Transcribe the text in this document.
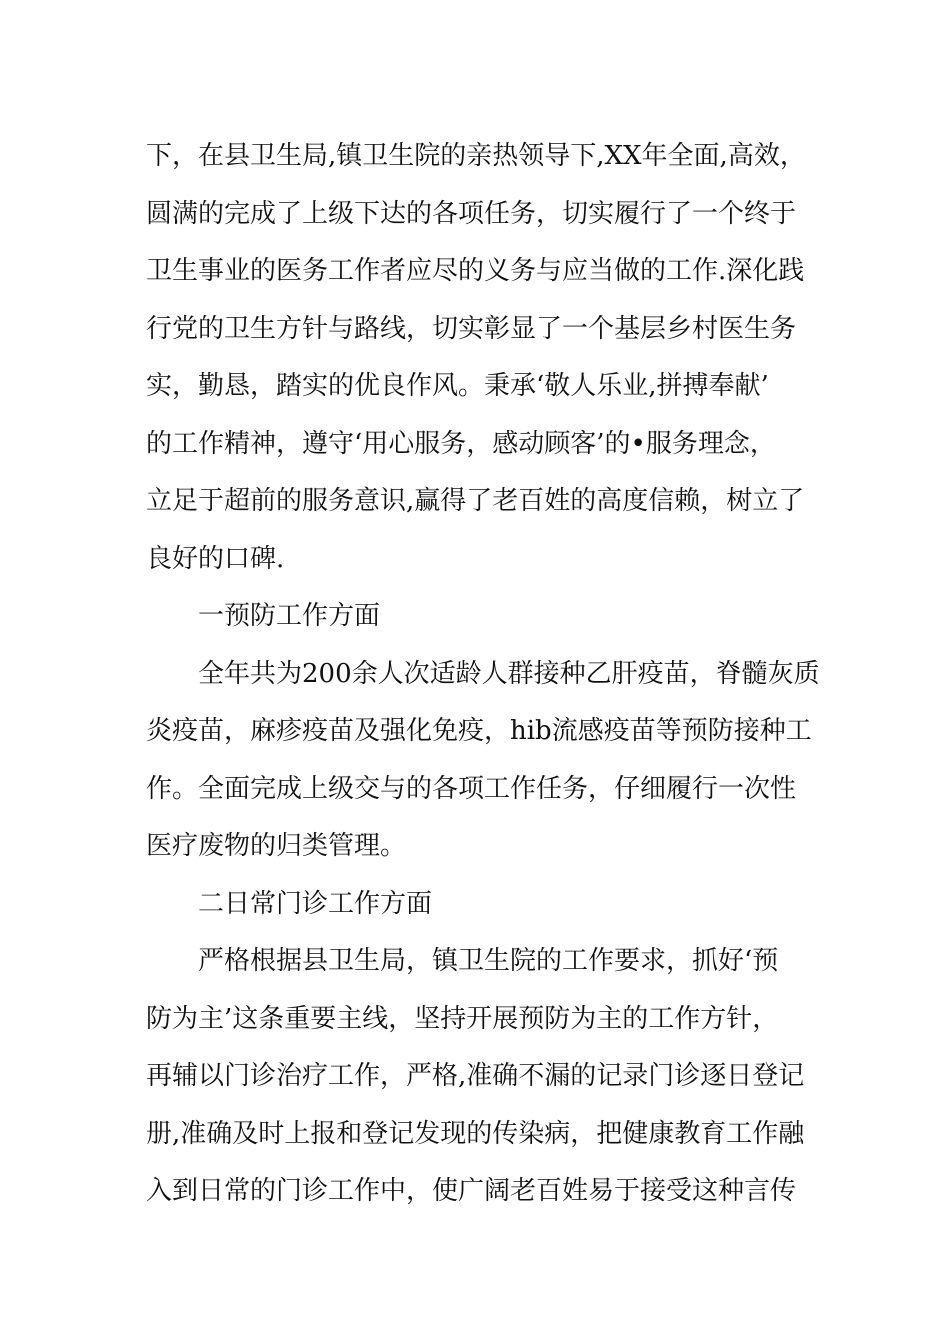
下，在县卫生局,镇卫生院的亲热领导下,XX年全面,高效，
圆满的完成了上级下达的各项任务，切实履行了一个终于
卫生事业的医务工作者应尽的义务与应当做的工作.深化践
行党的卫生方针与路线，切实彰显了一个基层乡村医生务
实，勤恳，踏实的优良作风。秉承‘敬人乐业,拼搏奉献’
的工作精神，遵守‘用心服务，感动顾客’的•服务理念，
立足于超前的服务意识,赢得了老百姓的高度信赖，树立了
良好的口碑.
一预防工作方面
全年共为200余人次适龄人群接种乙肝疫苗，脊髓灰质
炎疫苗，麻疹疫苗及强化免疫，hib流感疫苗等预防接种工
作。全面完成上级交与的各项工作任务，仔细履行一次性
医疗废物的归类管理。
二日常门诊工作方面
严格根据县卫生局，镇卫生院的工作要求，抓好‘预
防为主’这条重要主线，坚持开展预防为主的工作方针，
再辅以门诊治疗工作，严格,准确不漏的记录门诊逐日登记
册,准确及时上报和登记发现的传染病，把健康教育工作融
入到日常的门诊工作中，使广阔老百姓易于接受这种言传
